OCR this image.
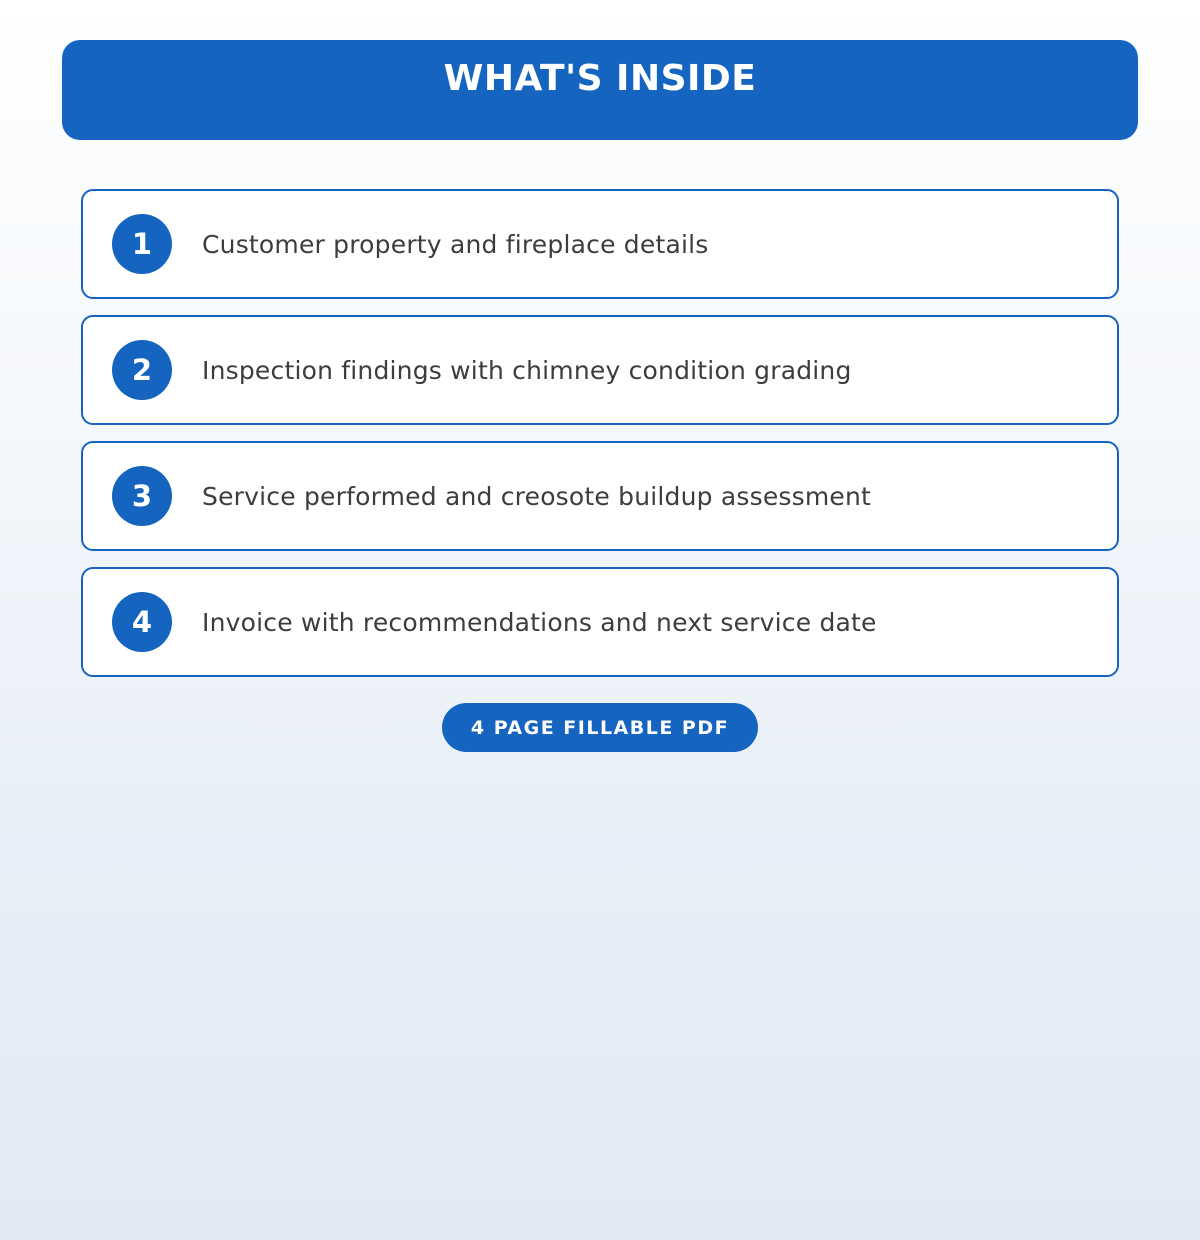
WHAT'S INSIDE
1	Customer property and fireplace details
2	Inspection findings with chimney condition grading
3	Service performed and creosote buildup assessment
4	Invoice with recommendations and next service date
4 PAGE FILLABLE PDF
